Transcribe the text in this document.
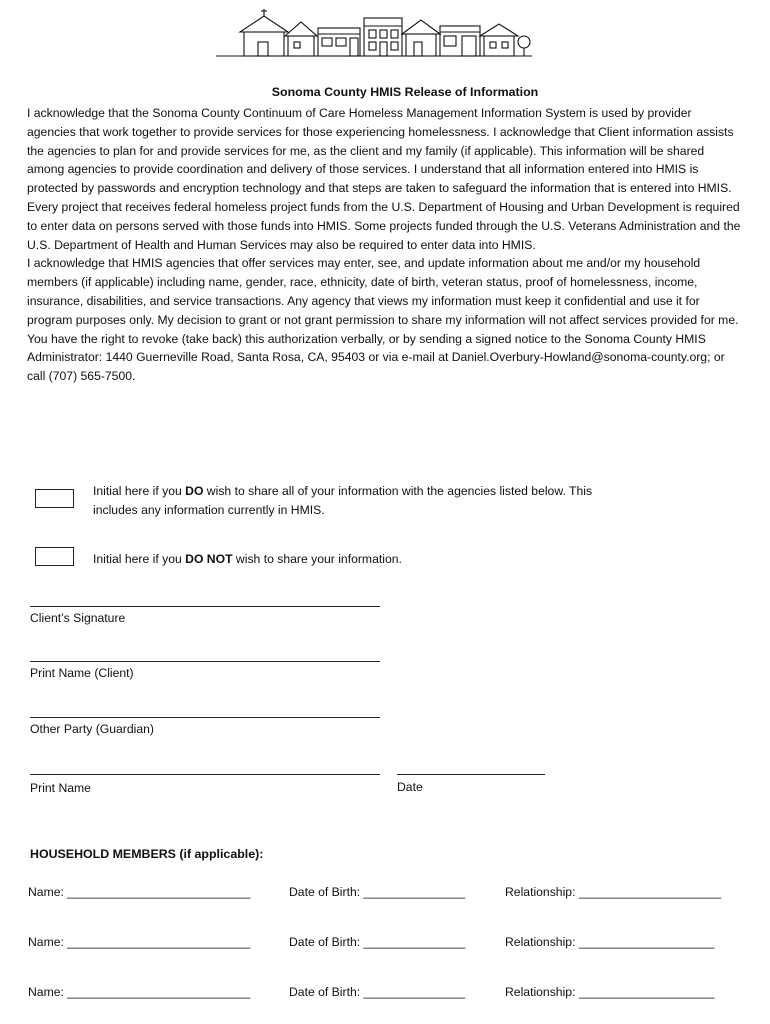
Sonoma County HMIS Release of Information

I acknowledge that the Sonoma County Continuum of Care Homeless Management Information System is used by provider agencies that work together to provide services for those experiencing homelessness. I acknowledge that Client information assists the agencies to plan for and provide services for me, as the client and my family (if applicable). This information will be shared among agencies to provide coordination and delivery of those services. I understand that all information entered into HMIS is protected by passwords and encryption technology and that steps are taken to safeguard the information that is entered into HMIS.

Every project that receives federal homeless project funds from the U.S. Department of Housing and Urban Development is required to enter data on persons served with those funds into HMIS. Some projects funded through the U.S. Veterans Administration and the U.S. Department of Health and Human Services may also be required to enter data into HMIS.

I acknowledge that HMIS agencies that offer services may enter, see, and update information about me and/or my household members (if applicable) including name, gender, race, ethnicity, date of birth, veteran status, proof of homelessness, income, insurance, disabilities, and service transactions. Any agency that views my information must keep it confidential and use it for program purposes only. My decision to grant or not grant permission to share my information will not affect services provided for me. You have the right to revoke (take back) this authorization verbally, or by sending a signed notice to the Sonoma County HMIS Administrator: 1440 Guerneville Road, Santa Rosa, CA, 95403 or via e-mail at Daniel.Overbury-Howland@sonoma-county.org; or call (707) 565-7500.

Initial here if you DO wish to share all of your information with the agencies listed below. This
includes any information currently in HMIS.
Initial here if you DO NOT wish to share your information.
Client’s Signature
Print Name (Client)
Other Party (Guardian)
Print Name	Date
HOUSEHOLD MEMBERS (if applicable):
Name: ___________________________	Date of Birth: _______________	Relationship: _____________________
Name: ___________________________	Date of Birth: _______________	Relationship: ____________________
Name: ___________________________	Date of Birth: _______________	Relationship: ____________________
